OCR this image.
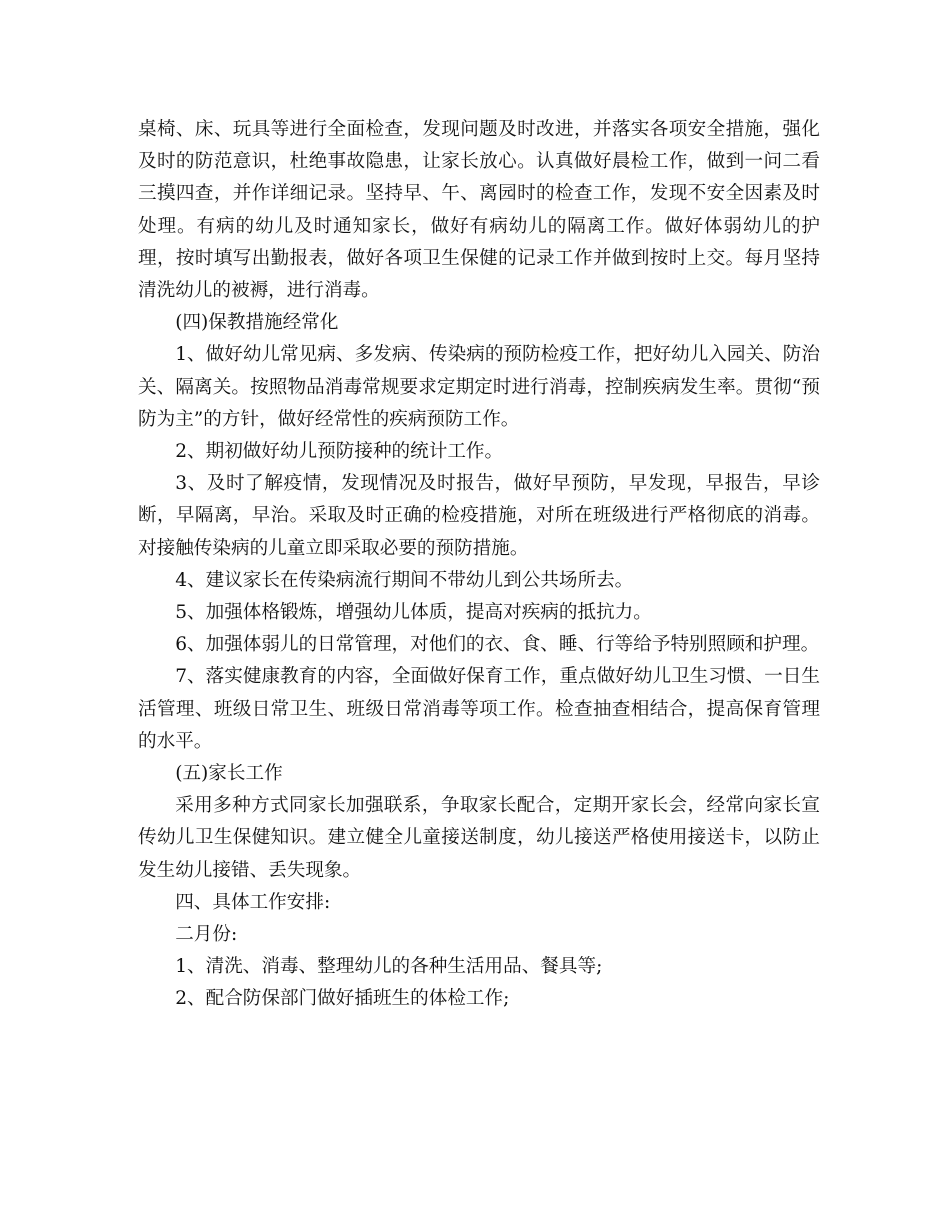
桌椅、床、玩具等进行全面检查，发现问题及时改进，并落实各项安全措施，强化及时的防范意识，杜绝事故隐患，让家长放心。认真做好晨检工作，做到一问二看三摸四查，并作详细记录。坚持早、午、离园时的检查工作，发现不安全因素及时处理。有病的幼儿及时通知家长，做好有病幼儿的隔离工作。做好体弱幼儿的护理，按时填写出勤报表，做好各项卫生保健的记录工作并做到按时上交。每月坚持清洗幼儿的被褥，进行消毒。

(四)保教措施经常化

1、做好幼儿常见病、多发病、传染病的预防检疫工作，把好幼儿入园关、防治关、隔离关。按照物品消毒常规要求定期定时进行消毒，控制疾病发生率。贯彻“预防为主”的方针，做好经常性的疾病预防工作。

2、期初做好幼儿预防接种的统计工作。

3、及时了解疫情，发现情况及时报告，做好早预防，早发现，早报告，早诊断，早隔离，早治。采取及时正确的检疫措施，对所在班级进行严格彻底的消毒。对接触传染病的儿童立即采取必要的预防措施。

4、建议家长在传染病流行期间不带幼儿到公共场所去。

5、加强体格锻炼，增强幼儿体质，提高对疾病的抵抗力。

6、加强体弱儿的日常管理，对他们的衣、食、睡、行等给予特别照顾和护理。

7、落实健康教育的内容，全面做好保育工作，重点做好幼儿卫生习惯、一日生活管理、班级日常卫生、班级日常消毒等项工作。检查抽查相结合，提高保育管理的水平。

(五)家长工作

采用多种方式同家长加强联系，争取家长配合，定期开家长会，经常向家长宣传幼儿卫生保健知识。建立健全儿童接送制度，幼儿接送严格使用接送卡，以防止发生幼儿接错、丢失现象。

四、具体工作安排:

二月份:

1、清洗、消毒、整理幼儿的各种生活用品、餐具等;

2、配合防保部门做好插班生的体检工作;
